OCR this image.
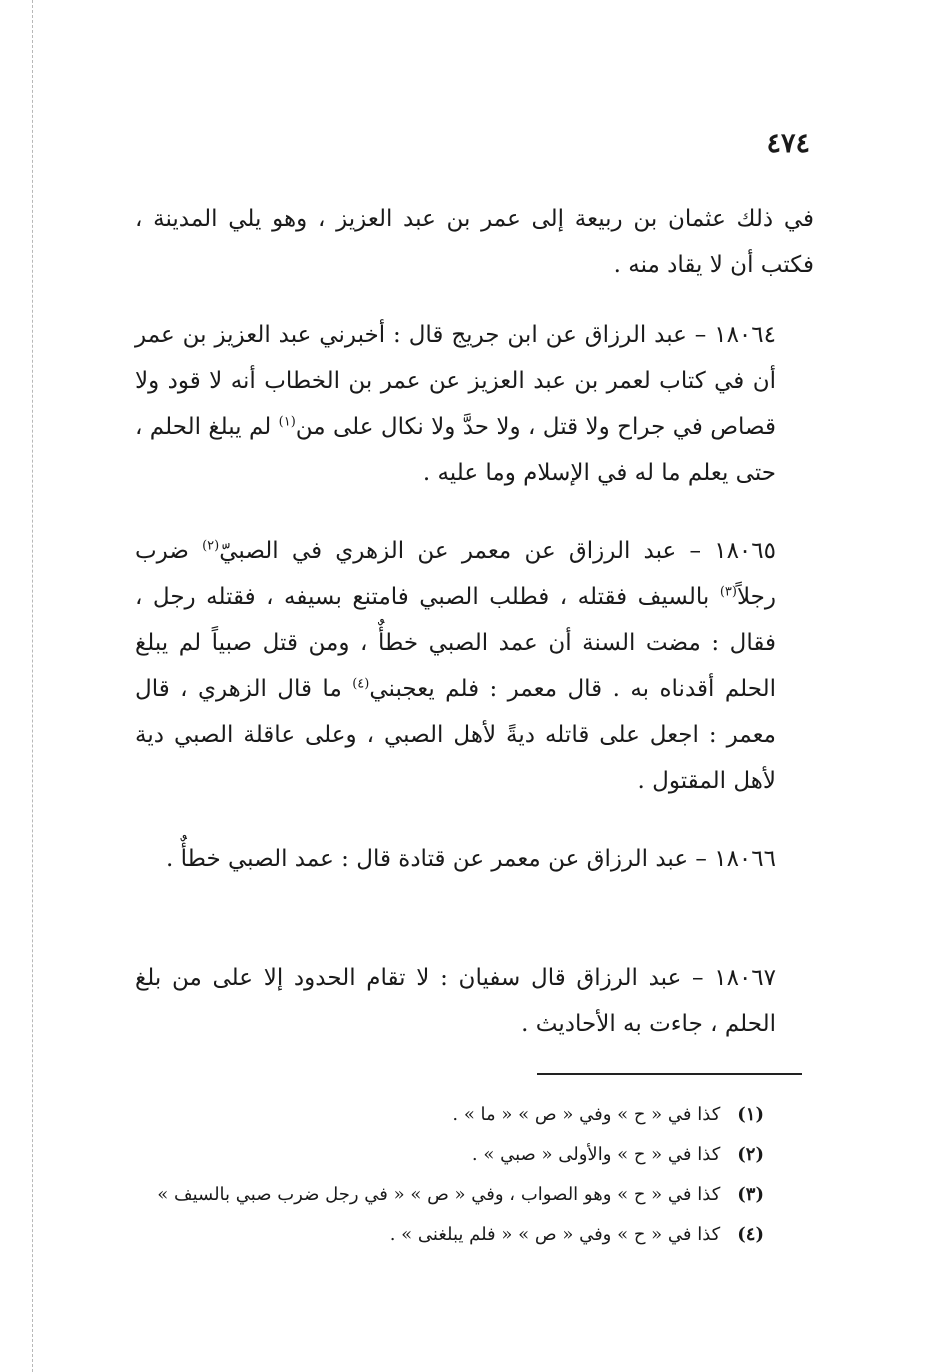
٤٧٤

في ذلك عثمان بن ربيعة إلى عمر بن عبد العزيز ، وهو يلي المدينة ، فكتب أن لا يقاد منه .

١٨٠٦٤ – عبد الرزاق عن ابن جريج قال : أخبرني عبد العزيز بن عمر أن في كتاب لعمر بن عبد العزيز عن عمر بن الخطاب أنه لا قود ولا قصاص في جراح ولا قتل ، ولا حدَّ ولا نكال على من$^{(١)}$ لم يبلغ الحلم ، حتى يعلم ما له في الإسلام وما عليه .

١٨٠٦٥ – عبد الرزاق عن معمر عن الزهري في الصبيّ$^{(٢)}$ ضرب رجلاً$^{(٣)}$ بالسيف فقتله ، فطلب الصبي فامتنع بسيفه ، فقتله رجل ، فقال : مضت السنة أن عمد الصبي خطأٌ ، ومن قتل صبياً لم يبلغ الحلم أقدناه به . قال معمر : فلم يعجبني$^{(٤)}$ ما قال الزهري ، قال معمر : اجعل على قاتله ديةً لأهل الصبي ، وعلى عاقلة الصبي دية لأهل المقتول .

١٨٠٦٦ – عبد الرزاق عن معمر عن قتادة قال : عمد الصبي خطأٌ .

١٨٠٦٧ – عبد الرزاق قال سفيان : لا تقام الحدود إلا على من بلغ الحلم ، جاءت به الأحاديث .

(١) كذا في « ح » وفي « ص » « ما » .
(٢) كذا في « ح » والأولى « صبي » .
(٣) كذا في « ح » وهو الصواب ، وفي « ص » « في رجل ضرب صبي بالسيف »
(٤) كذا في « ح » وفي « ص » « فلم يبلغنى » .
